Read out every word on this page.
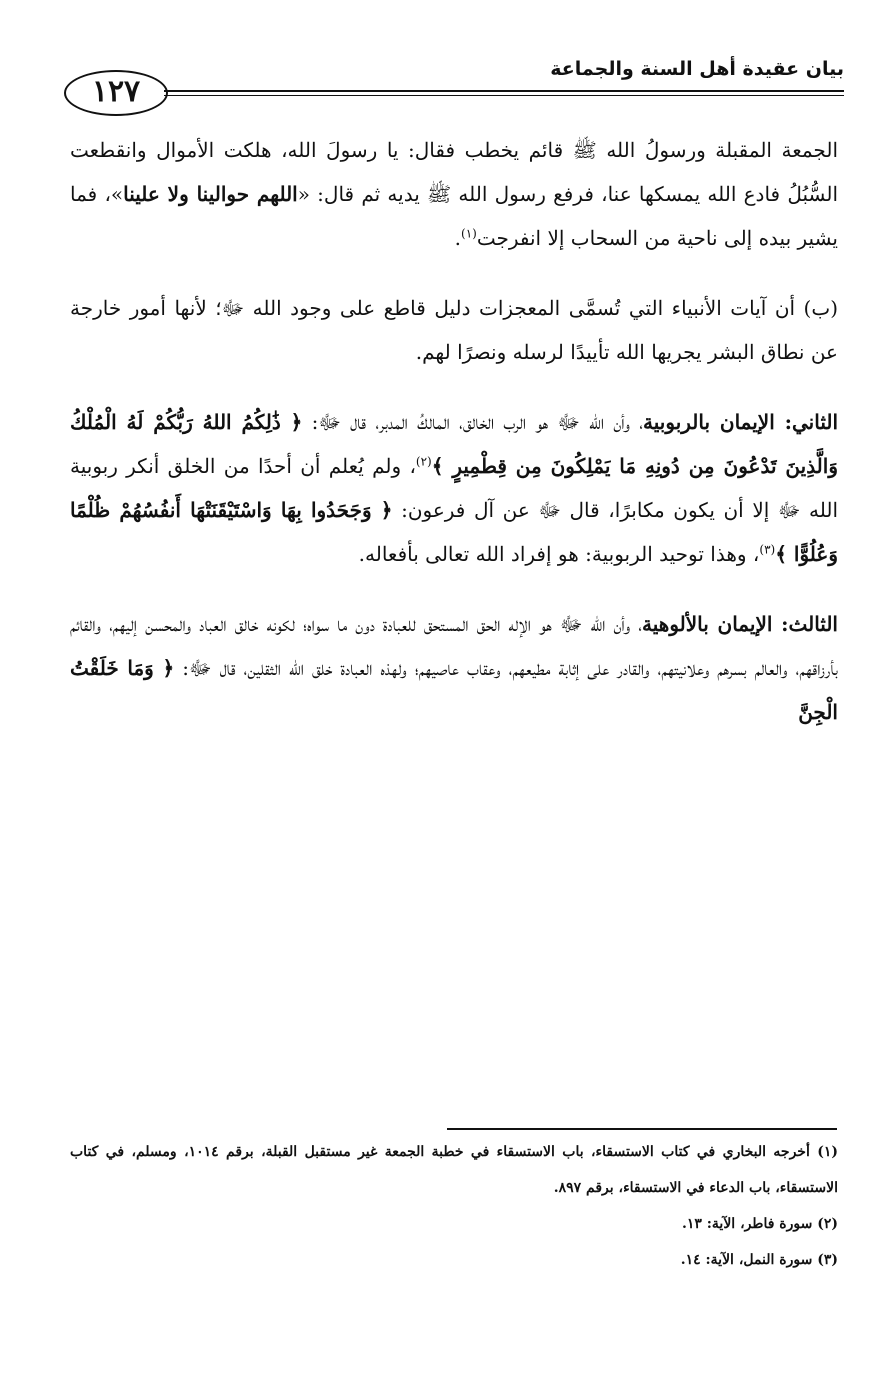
١٢٧
بيان عقيدة أهل السنة والجماعة

الجمعة المقبلة ورسولُ الله ﷺ قائم يخطب فقال: يا رسولَ الله، هلكت الأموال وانقطعت السُّبُلُ فادع الله يمسكها عنا، فرفع رسول الله ﷺ يديه ثم قال: «اللهم حوالينا ولا علينا»، فما يشير بيده إلى ناحية من السحاب إلا انفرجت$^{(١)}$.

(ب) أن آيات الأنبياء التي تُسمَّى المعجزات دليل قاطع على وجود الله ﷻ؛ لأنها أمور خارجة عن نطاق البشر يجريها الله تأييدًا لرسله ونصرًا لهم.

الثاني: الإيمان بالربوبية، وأن الله ﷻ هو الرب الخالق، المالكُ المدبر، قال ﷻ: ﴿ ذَٰلِكُمُ اللهُ رَبُّكُمْ لَهُ الْمُلْكُ وَالَّذِينَ تَدْعُونَ مِن دُونِهِ مَا يَمْلِكُونَ مِن قِطْمِيرٍ ﴾$^{(٢)}$، ولم يُعلم أن أحدًا من الخلق أنكر ربوبية الله ﷻ إلا أن يكون مكابرًا، قال ﷻ عن آل فرعون: ﴿ وَجَحَدُوا بِهَا وَاسْتَيْقَنَتْهَا أَنفُسُهُمْ ظُلْمًا وَعُلُوًّا ﴾$^{(٣)}$، وهذا توحيد الربوبية: هو إفراد الله تعالى بأفعاله.

الثالث: الإيمان بالألوهية، وأن الله ﷻ هو الإله الحق المستحق للعبادة دون ما سواه؛ لكونه خالق العباد والمحسن إليهم، والقائم بأرزاقهم، والعالم بسرهم وعلانيتهم، والقادر على إثابة مطيعهم، وعقاب عاصيهم؛ ولهذه العبادة خلق الله الثقلين، قال ﷻ: ﴿ وَمَا خَلَقْتُ الْجِنَّ

(١) أخرجه البخاري في كتاب الاستسقاء، باب الاستسقاء في خطبة الجمعة غير مستقبل القبلة، برقم ١٠١٤، ومسلم، في كتاب الاستسقاء، باب الدعاء في الاستسقاء، برقم ٨٩٧.

(٢) سورة فاطر، الآية: ١٣.

(٣) سورة النمل، الآية: ١٤.
